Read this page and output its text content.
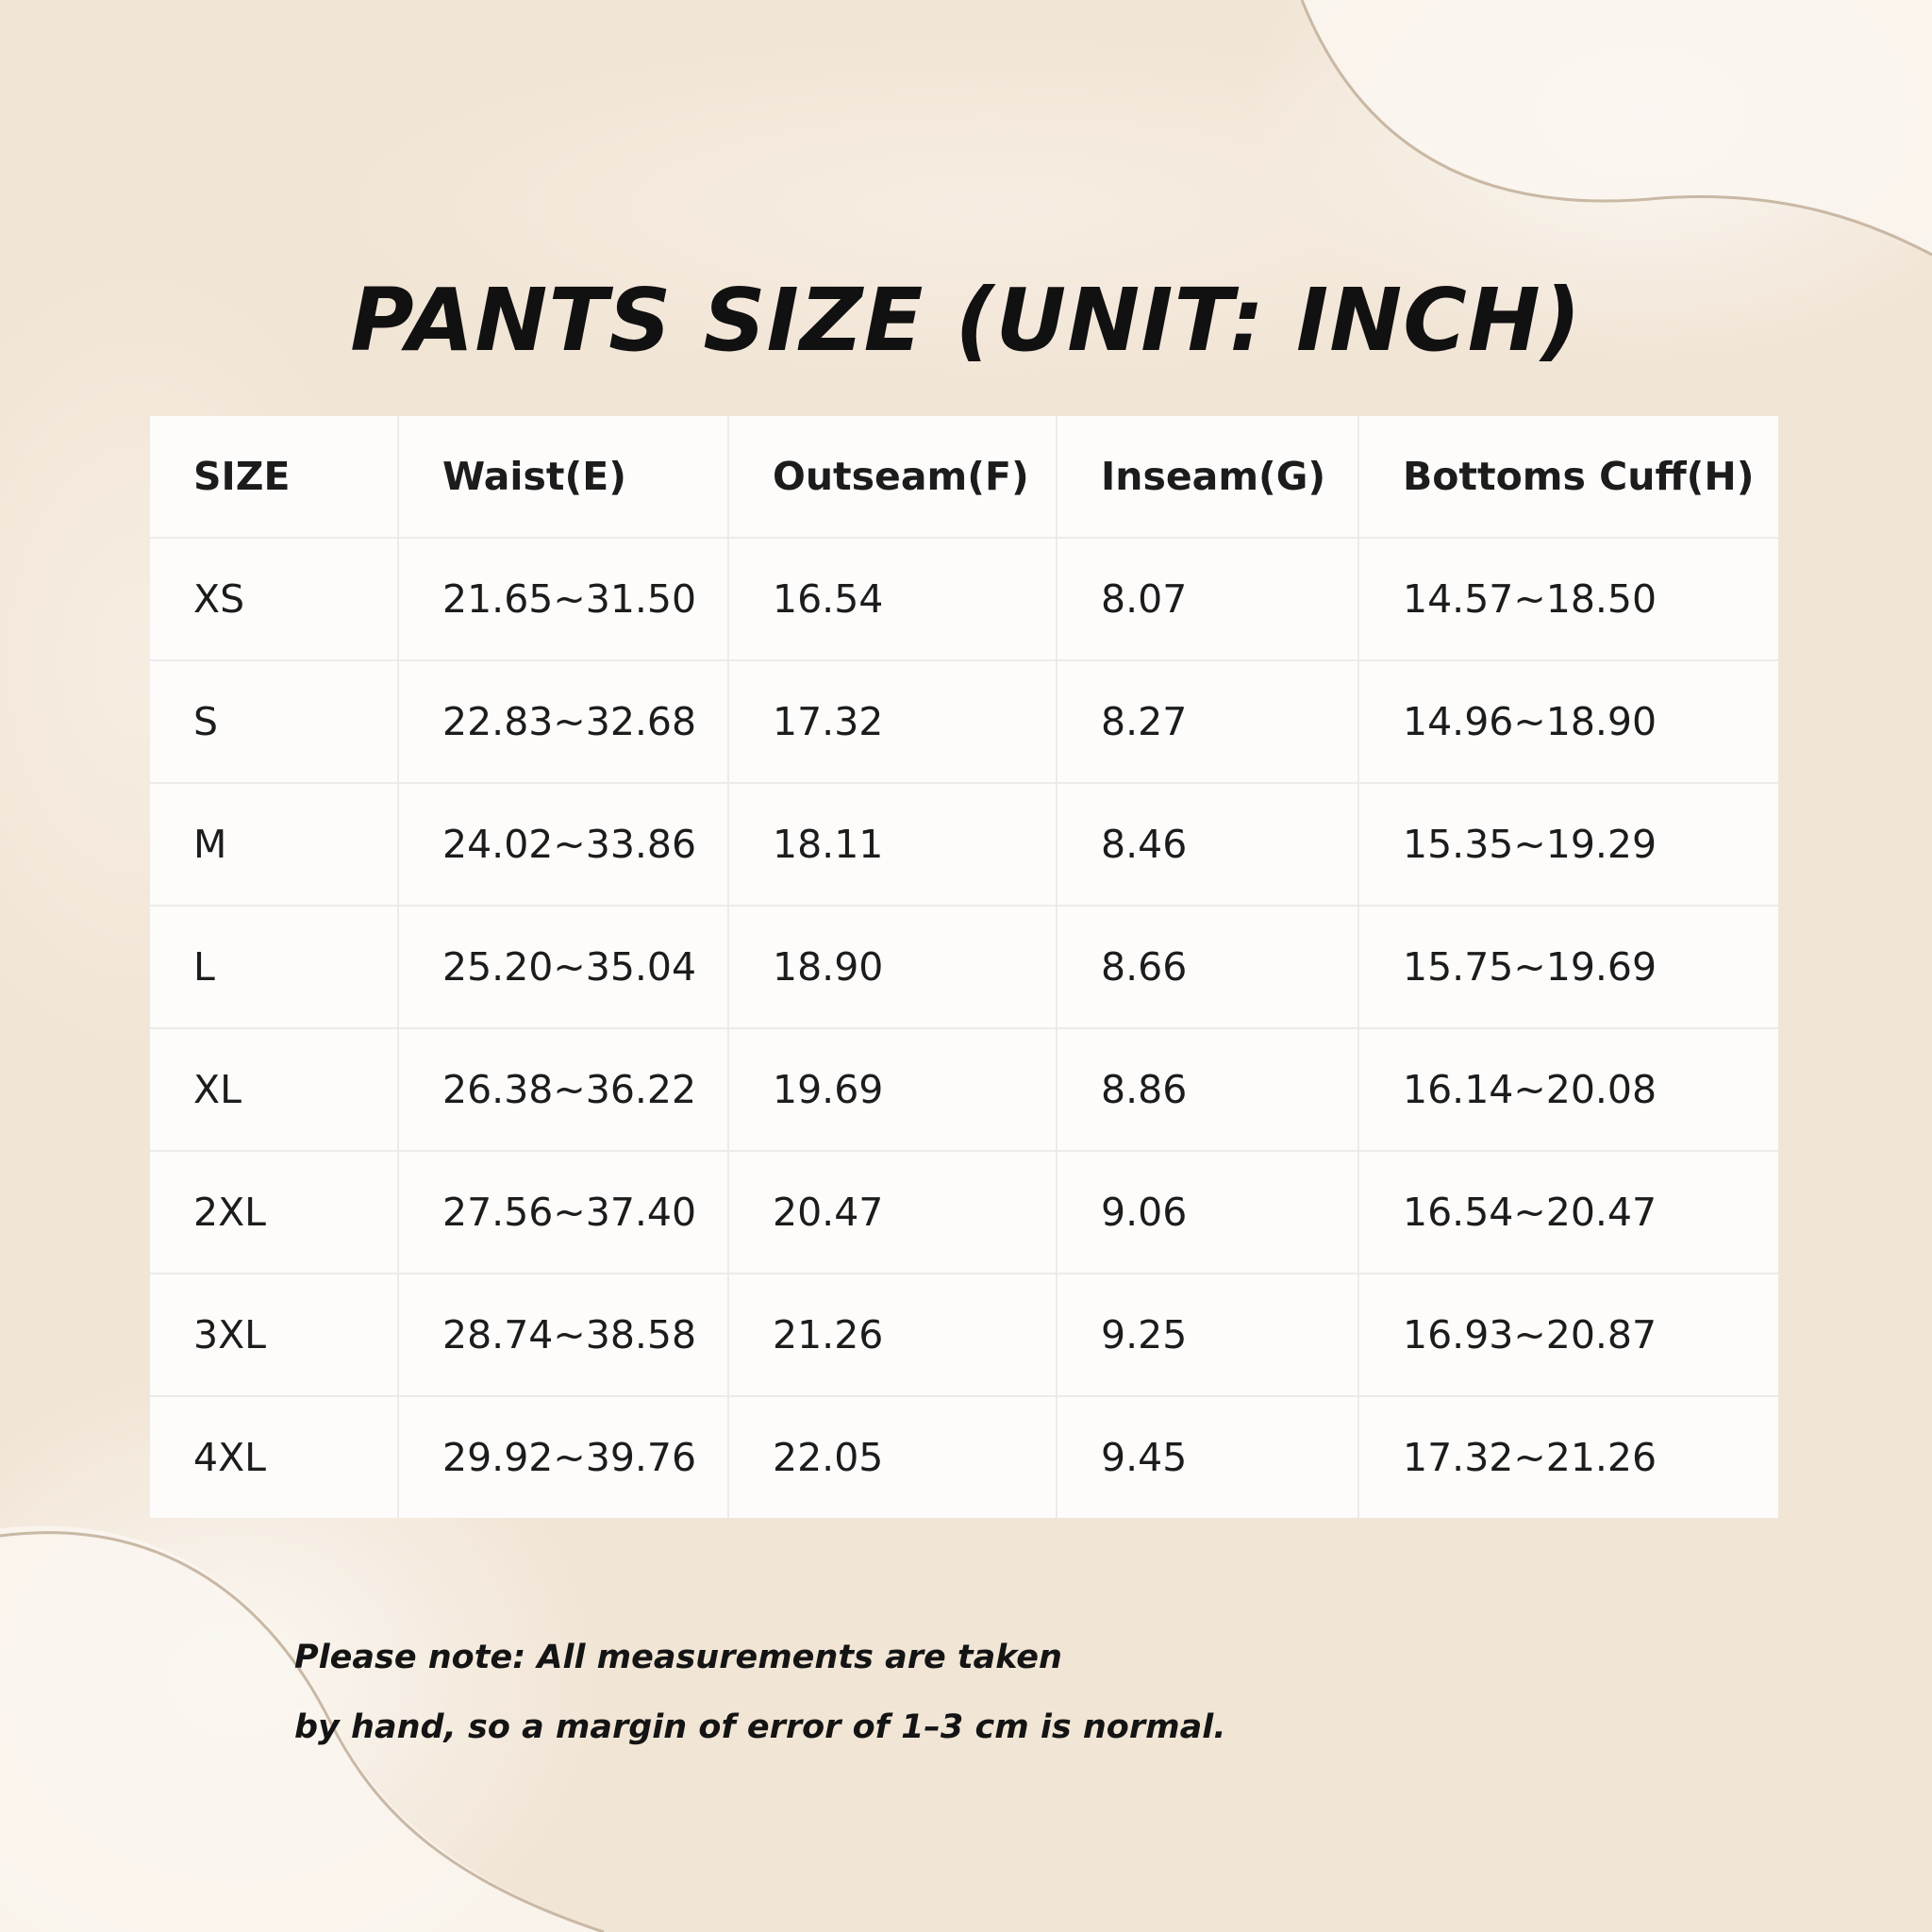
PANTS SIZE (UNIT: INCH)
SIZE	Waist(E)	Outseam(F)	Inseam(G)	Bottoms Cuff(H)
XS	21.65~31.50	16.54	8.07	14.57~18.50
S	22.83~32.68	17.32	8.27	14.96~18.90
M	24.02~33.86	18.11	8.46	15.35~19.29
L	25.20~35.04	18.90	8.66	15.75~19.69
XL	26.38~36.22	19.69	8.86	16.14~20.08
2XL	27.56~37.40	20.47	9.06	16.54~20.47
3XL	28.74~38.58	21.26	9.25	16.93~20.87
4XL	29.92~39.76	22.05	9.45	17.32~21.26

Please note: All measurements are taken

by hand, so a margin of error of 1–3 cm is normal.
